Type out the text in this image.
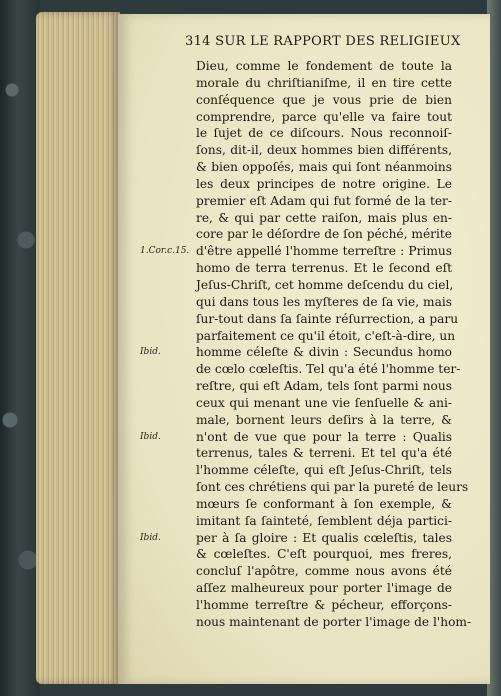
314 SUR LE RAPPORT DES RELIGIEUX
Dieu, comme le fondement de toute la
morale du chriſtianiſme, il en tire cette
conſéquence que je vous prie de bien
comprendre, parce qu'elle va faire tout
le ſujet de ce diſcours. Nous reconnoiſ-
ſons, dit-il, deux hommes bien différents,
& bien oppoſés, mais qui ſont néanmoins
les deux principes de notre origine. Le
premier eſt Adam qui fut formé de la ter-
re, & qui par cette raiſon, mais plus en-
core par le déſordre de ſon péché, mérite
d'être appellé l'homme terreſtre : Primus
homo de terra terrenus. Et le ſecond eſt
Jeſus-Chriſt, cet homme deſcendu du ciel,
qui dans tous les myſteres de ſa vie, mais
ſur-tout dans ſa ſainte réſurrection, a paru
parfaitement ce qu'il étoit, c'eſt-à-dire, un
homme céleſte & divin : Secundus homo
de cœlo cœleſtis. Tel qu'a été l'homme ter-
reſtre, qui eſt Adam, tels ſont parmi nous
ceux qui menant une vie ſenſuelle & ani-
male, bornent leurs deſirs à la terre, &
n'ont de vue que pour la terre : Qualis
terrenus, tales & terreni. Et tel qu'a été
l'homme céleſte, qui eſt Jeſus-Chriſt, tels
ſont ces chrétiens qui par la pureté de leurs
mœurs ſe conformant à ſon exemple, &
imitant ſa ſainteté, ſemblent déja partici-
per à ſa gloire : Et qualis cœleſtis, tales
& cœleſtes. C'eſt pourquoi, mes freres,
concluſ l'apôtre, comme nous avons été
aſſez malheureux pour porter l'image de
l'homme terreſtre & pécheur, efforçons-
nous maintenant de porter l'image de l'hom-
1.Cor.c.15.
Ibid.
Ibid.
Ibid.
